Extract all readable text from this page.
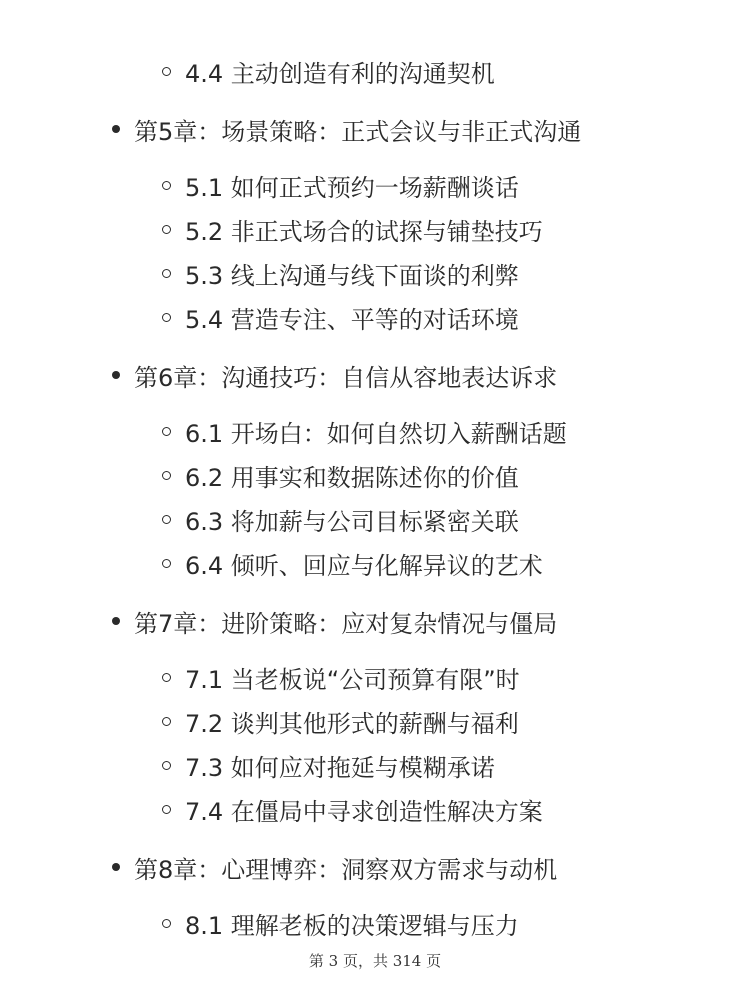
4.4 主动创造有利的沟通契机
第5章：场景策略：正式会议与非正式沟通
5.1 如何正式预约一场薪酬谈话
5.2 非正式场合的试探与铺垫技巧
5.3 线上沟通与线下面谈的利弊
5.4 营造专注、平等的对话环境
第6章：沟通技巧：自信从容地表达诉求
6.1 开场白：如何自然切入薪酬话题
6.2 用事实和数据陈述你的价值
6.3 将加薪与公司目标紧密关联
6.4 倾听、回应与化解异议的艺术
第7章：进阶策略：应对复杂情况与僵局
7.1 当老板说“公司预算有限”时
7.2 谈判其他形式的薪酬与福利
7.3 如何应对拖延与模糊承诺
7.4 在僵局中寻求创造性解决方案
第8章：心理博弈：洞察双方需求与动机
8.1 理解老板的决策逻辑与压力
第 3 页，共 314 页
